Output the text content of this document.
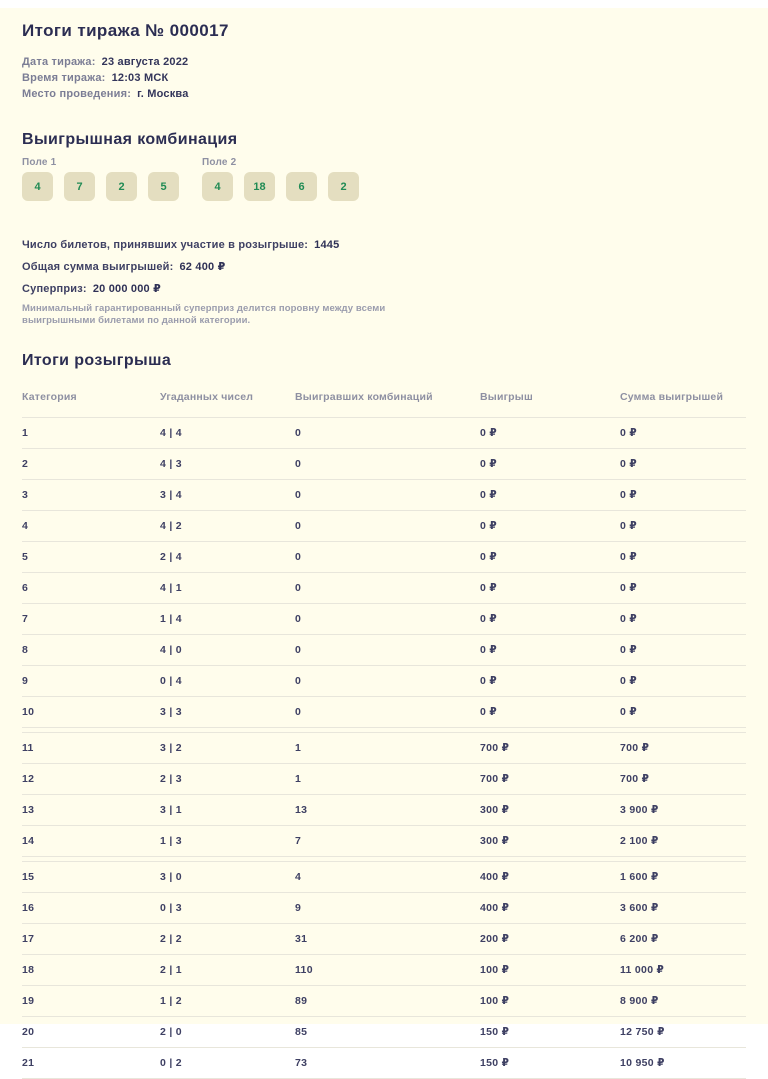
Итоги тиража № 000017
Дата тиража: 23 августа 2022
Время тиража: 12:03 МСК
Место проведения: г. Москва
Выигрышная комбинация
Поле 1
4	7	2	5
Поле 2
4	18	6	2
Число билетов, принявших участие в розыгрыше: 1445
Общая сумма выигрышей: 62 400 ₽
Суперприз: 20 000 000 ₽

Минимальный гарантированный суперприз делится поровну между всеми выигрышными билетами по данной категории.

Итоги розыгрыша
Категория	Угаданных чисел	Выигравших комбинаций	Выигрыш	Сумма выигрышей
1	4 | 4	0	0 ₽	0 ₽
2	4 | 3	0	0 ₽	0 ₽
3	3 | 4	0	0 ₽	0 ₽
4	4 | 2	0	0 ₽	0 ₽
5	2 | 4	0	0 ₽	0 ₽
6	4 | 1	0	0 ₽	0 ₽
7	1 | 4	0	0 ₽	0 ₽
8	4 | 0	0	0 ₽	0 ₽
9	0 | 4	0	0 ₽	0 ₽
10	3 | 3	0	0 ₽	0 ₽
11	3 | 2	1	700 ₽	700 ₽
12	2 | 3	1	700 ₽	700 ₽
13	3 | 1	13	300 ₽	3 900 ₽
14	1 | 3	7	300 ₽	2 100 ₽
15	3 | 0	4	400 ₽	1 600 ₽
16	0 | 3	9	400 ₽	3 600 ₽
17	2 | 2	31	200 ₽	6 200 ₽
18	2 | 1	110	100 ₽	11 000 ₽
19	1 | 2	89	100 ₽	8 900 ₽
20	2 | 0	85	150 ₽	12 750 ₽
21	0 | 2	73	150 ₽	10 950 ₽
